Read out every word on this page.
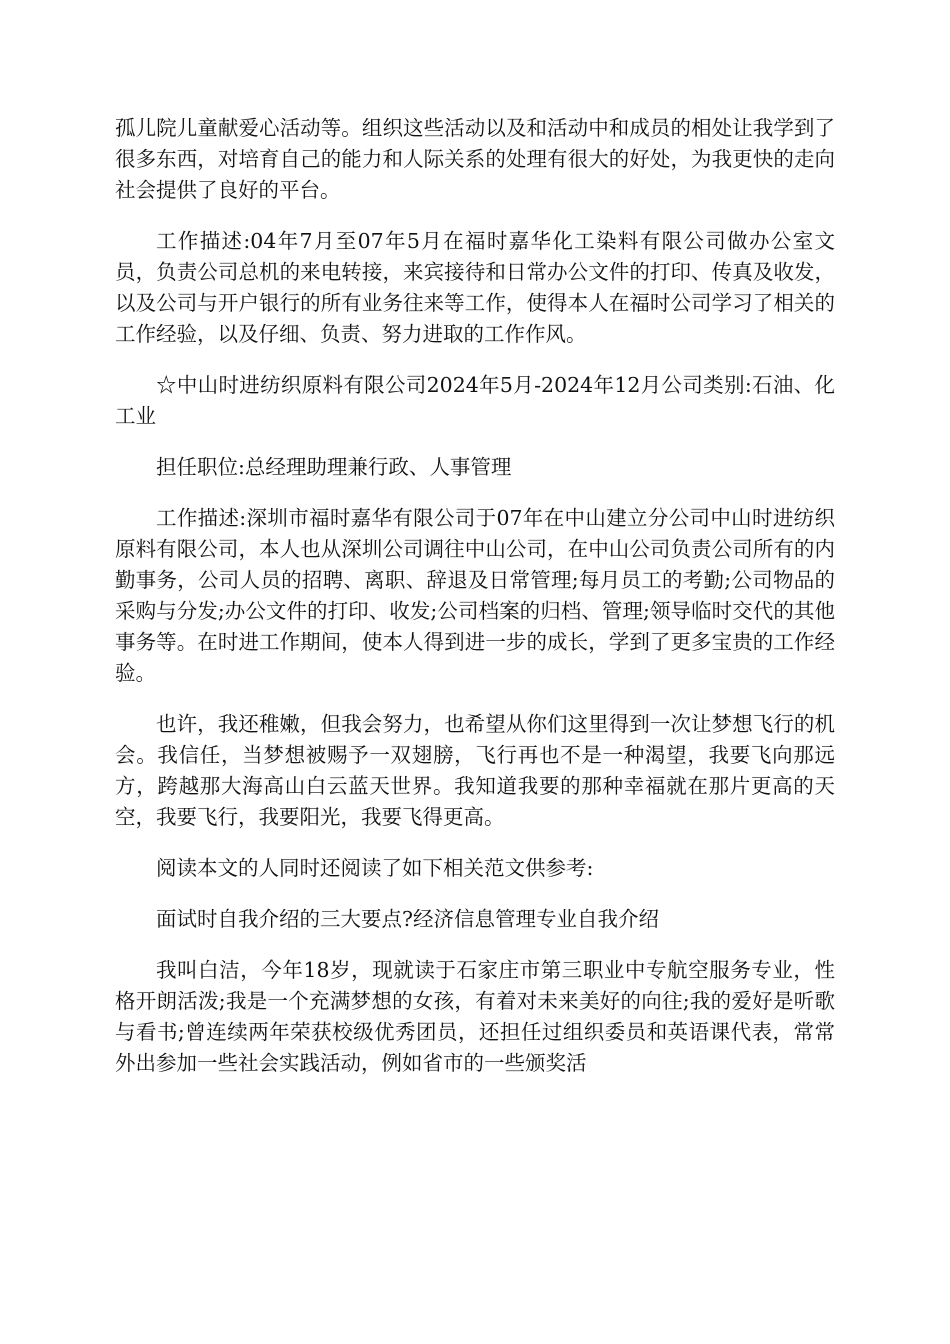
孤儿院儿童献爱心活动等。组织这些活动以及和活动中和成员的相处让我学到了很多东西，对培育自己的能力和人际关系的处理有很大的好处，为我更快的走向社会提供了良好的平台。

工作描述:04年7月至07年5月在福时嘉华化工染料有限公司做办公室文员，负责公司总机的来电转接，来宾接待和日常办公文件的打印、传真及收发，以及公司与开户银行的所有业务往来等工作，使得本人在福时公司学习了相关的工作经验，以及仔细、负责、努力进取的工作作风。

☆中山时进纺织原料有限公司2024年5月-2024年12月公司类别:石油、化工业

担任职位:总经理助理兼行政、人事管理

工作描述:深圳市福时嘉华有限公司于07年在中山建立分公司中山时进纺织原料有限公司，本人也从深圳公司调往中山公司，在中山公司负责公司所有的内勤事务，公司人员的招聘、离职、辞退及日常管理;每月员工的考勤;公司物品的采购与分发;办公文件的打印、收发;公司档案的归档、管理;领导临时交代的其他事务等。在时进工作期间，使本人得到进一步的成长，学到了更多宝贵的工作经验。

也许，我还稚嫩，但我会努力，也希望从你们这里得到一次让梦想飞行的机会。我信任，当梦想被赐予一双翅膀，飞行再也不是一种渴望，我要飞向那远方，跨越那大海高山白云蓝天世界。我知道我要的那种幸福就在那片更高的天空，我要飞行，我要阳光，我要飞得更高。

阅读本文的人同时还阅读了如下相关范文供参考:

面试时自我介绍的三大要点?经济信息管理专业自我介绍

我叫白洁，今年18岁，现就读于石家庄市第三职业中专航空服务专业，性格开朗活泼;我是一个充满梦想的女孩，有着对未来美好的向往;我的爱好是听歌与看书;曾连续两年荣获校级优秀团员，还担任过组织委员和英语课代表，常常外出参加一些社会实践活动，例如省市的一些颁奖活
